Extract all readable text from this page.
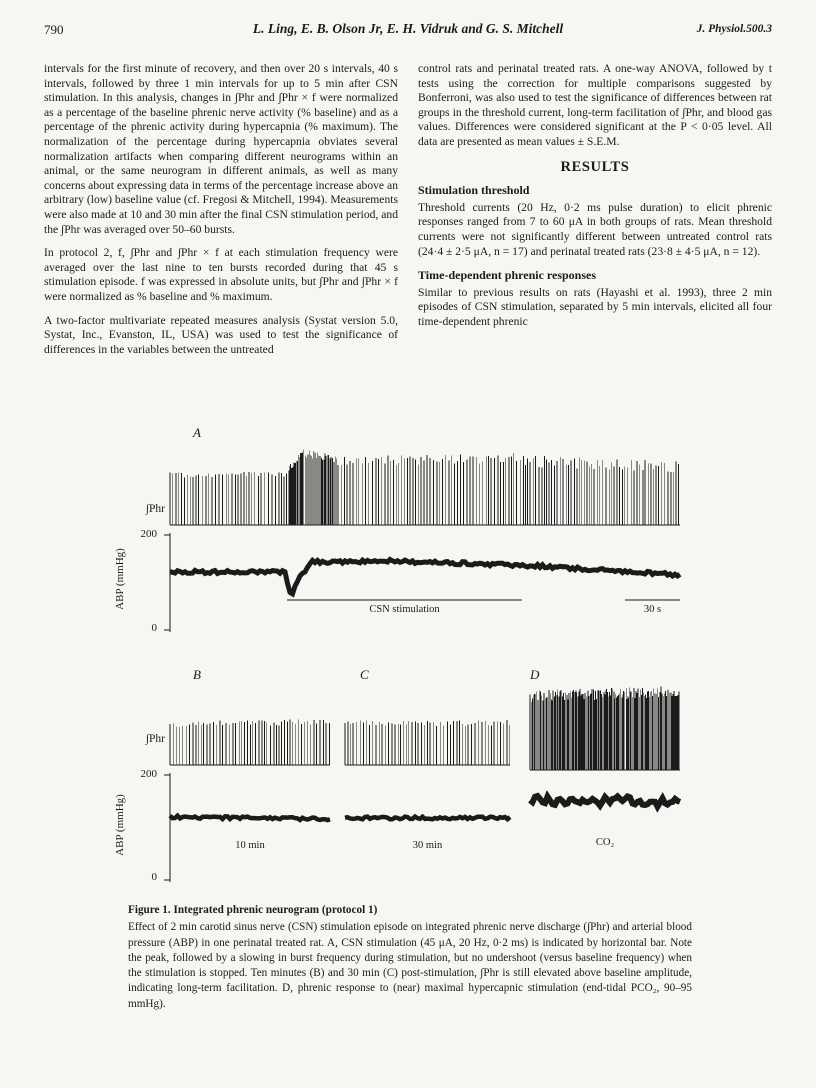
790	L. Ling, E. B. Olson Jr, E. H. Vidruk and G. S. Mitchell	J. Physiol.500.3

intervals for the first minute of recovery, and then over 20 s intervals, 40 s intervals, followed by three 1 min intervals for up to 5 min after CSN stimulation. In this analysis, changes in ∫Phr and ∫Phr × f were normalized as a percentage of the baseline phrenic nerve activity (% baseline) and as a percentage of the phrenic activity during hypercapnia (% maximum). The normalization of the percentage during hypercapnia obviates several normalization artifacts when comparing different neurograms within an animal, or the same neurogram in different animals, as well as many concerns about expressing data in terms of the percentage increase above an arbitrary (low) baseline value (cf. Fregosi & Mitchell, 1994). Measurements were also made at 10 and 30 min after the final CSN stimulation period, and the ∫Phr was averaged over 50–60 bursts.

In protocol 2, f, ∫Phr and ∫Phr × f at each stimulation frequency were averaged over the last nine to ten bursts recorded during that 45 s stimulation episode. f was expressed in absolute units, but ∫Phr and ∫Phr × f were normalized as % baseline and % maximum.

A two-factor multivariate repeated measures analysis (Systat version 5.0, Systat, Inc., Evanston, IL, USA) was used to test the significance of differences in the variables between the untreated

control rats and perinatal treated rats. A one-way ANOVA, followed by t tests using the correction for multiple comparisons suggested by Bonferroni, was also used to test the significance of differences between rat groups in the threshold current, long-term facilitation of ∫Phr, and blood gas values. Differences were considered significant at the P < 0·05 level. All data are presented as mean values ± S.E.M.

RESULTS
Stimulation threshold

Threshold currents (20 Hz, 0·2 ms pulse duration) to elicit phrenic responses ranged from 7 to 60 μA in both groups of rats. Mean threshold currents were not significantly different between untreated control rats (24·4 ± 2·5 μA, n = 17) and perinatal treated rats (23·8 ± 4·5 μA, n = 12).

Time-dependent phrenic responses

Similar to previous results on rats (Hayashi et al. 1993), three 2 min episodes of CSN stimulation, separated by 5 min intervals, elicited all four time-dependent phrenic

A
B	C	D
∫Phr
∫Phr
ABP (mmHg)
ABP (mmHg)
200
0
200
0
CSN stimulation	30 s
10 min	30 min	CO₂
Figure 1. Integrated phrenic neurogram (protocol 1)
Effect of 2 min carotid sinus nerve (CSN) stimulation episode on integrated phrenic nerve discharge (∫Phr) and arterial blood pressure (ABP) in one perinatal treated rat. A, CSN stimulation (45 μA, 20 Hz, 0·2 ms) is indicated by horizontal bar. Note the peak, followed by a slowing in burst frequency during stimulation, but no undershoot (versus baseline frequency) when the stimulation is stopped. Ten minutes (B) and 30 min (C) post-stimulation, ∫Phr is still elevated above baseline amplitude, indicating long-term facilitation. D, phrenic response to (near) maximal hypercapnic stimulation (end-tidal PCO₂, 90–95 mmHg).
